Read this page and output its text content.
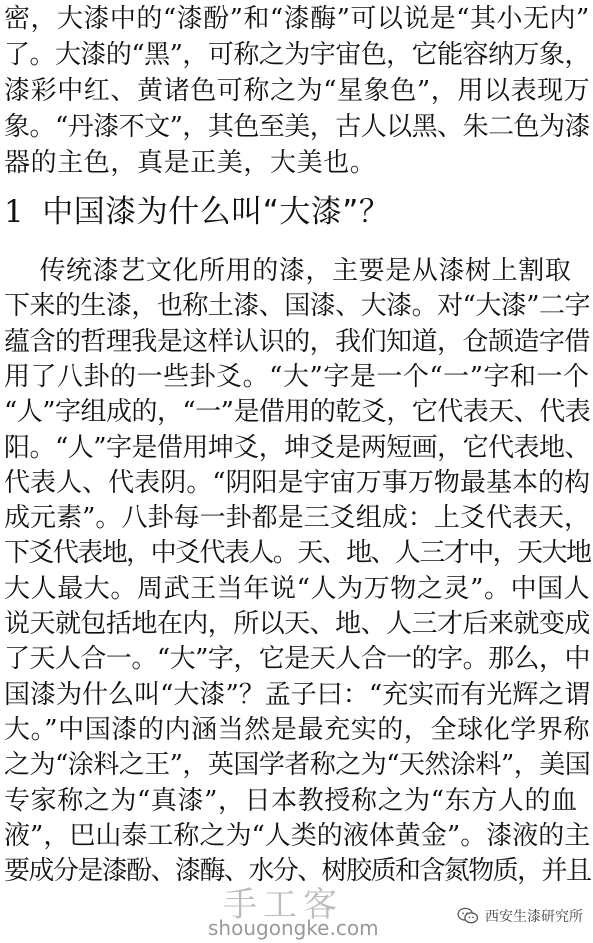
密，大漆中的“漆酚”和“漆酶”可以说是“其小无内”
了。大漆的“黑”，可称之为宇宙色，它能容纳万象，
漆彩中红、黄诸色可称之为“星象色”，用以表现万
象。“丹漆不文”，其色至美，古人以黑、朱二色为漆
器的主色，真是正美，大美也。
1 中国漆为什么叫“大漆”？
传统漆艺文化所用的漆，主要是从漆树上割取
下来的生漆，也称土漆、国漆、大漆。对“大漆”二字
蕴含的哲理我是这样认识的，我们知道，仓颉造字借
用了八卦的一些卦爻。“大”字是一个“一”字和一个
“人”字组成的，“一”是借用的乾爻，它代表天、代表
阳。“人”字是借用坤爻，坤爻是两短画，它代表地、
代表人、代表阴。“阴阳是宇宙万事万物最基本的构
成元素”。八卦每一卦都是三爻组成：上爻代表天，
下爻代表地，中爻代表人。天、地、人三才中，天大地
大人最大。周武王当年说“人为万物之灵”。中国人
说天就包括地在内，所以天、地、人三才后来就变成
了天人合一。“大”字，它是天人合一的字。那么，中
国漆为什么叫“大漆”？孟子曰：“充实而有光辉之谓
大。”中国漆的内涵当然是最充实的，全球化学界称
之为“涂料之王”，英国学者称之为“天然涂料”，美国
专家称之为“真漆”，日本教授称之为“东方人的血
液”，巴山泰工称之为“人类的液体黄金”。漆液的主
要成分是漆酚、漆酶、水分、树胶质和含氮物质，并且
手工客
shougongke.com	西安生漆研究所
